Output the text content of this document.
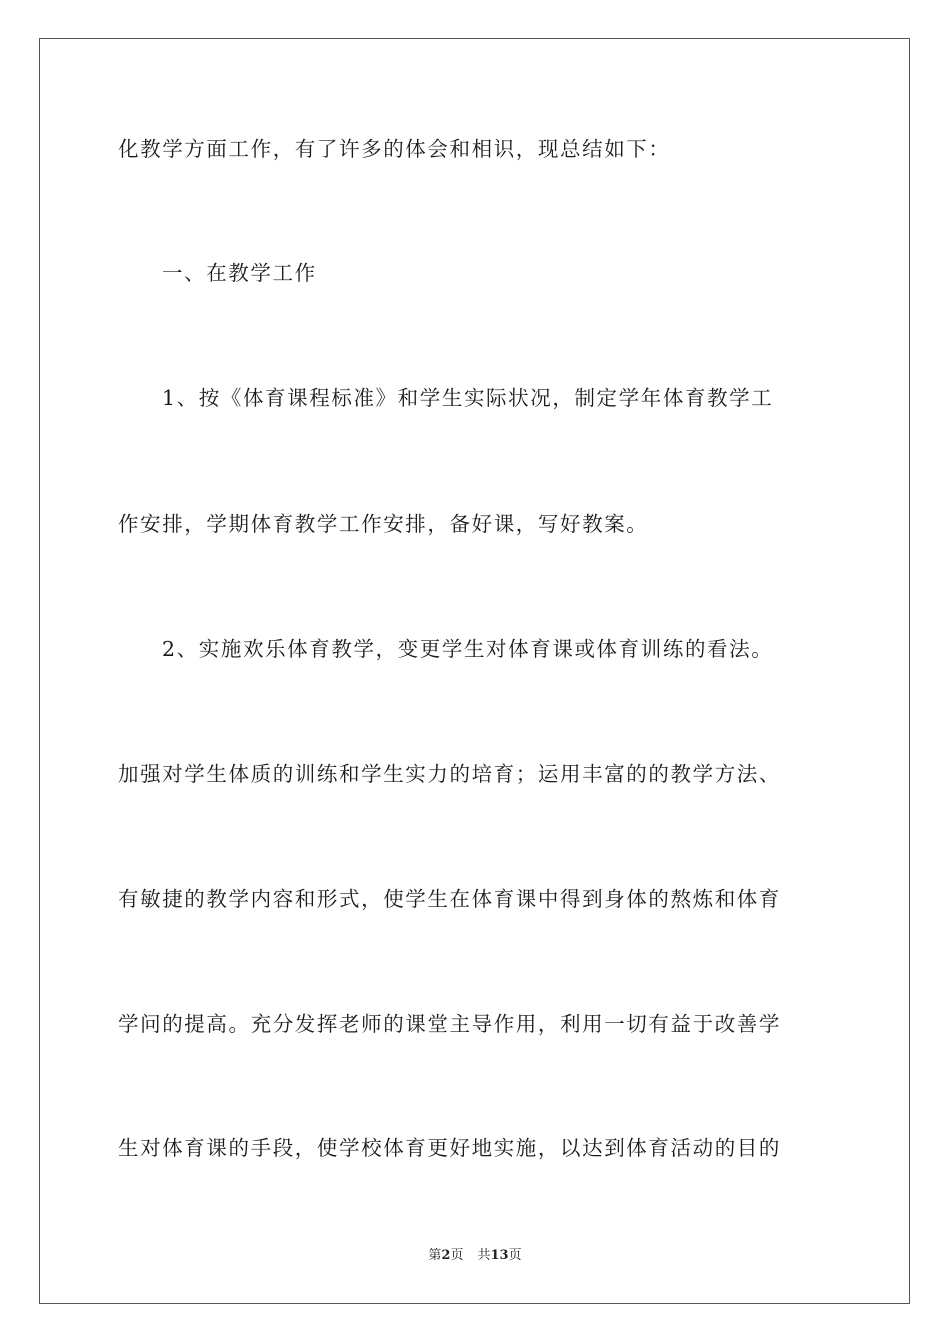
化教学方面工作，有了许多的体会和相识，现总结如下：
一、在教学工作
1、按《体育课程标准》和学生实际状况，制定学年体育教学工
作安排，学期体育教学工作安排，备好课，写好教案。
2、实施欢乐体育教学，变更学生对体育课或体育训练的看法。
加强对学生体质的训练和学生实力的培育；运用丰富的的教学方法、
有敏捷的教学内容和形式，使学生在体育课中得到身体的熬炼和体育
学问的提高。充分发挥老师的课堂主导作用，利用一切有益于改善学
生对体育课的手段，使学校体育更好地实施，以达到体育活动的目的
第2页 共13页
